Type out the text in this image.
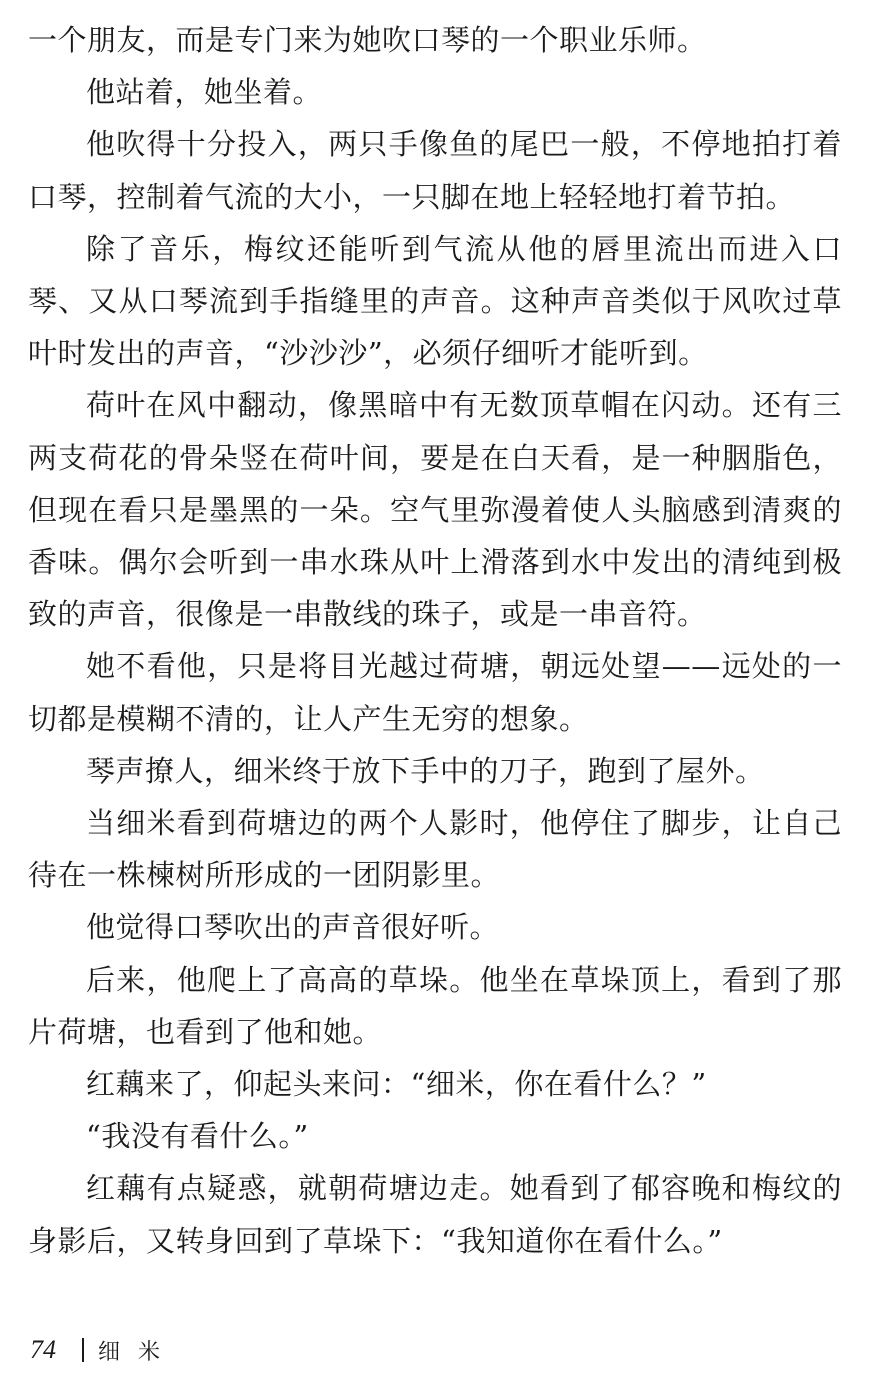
一个朋友，而是专门来为她吹口琴的一个职业乐师。

他站着，她坐着。

他吹得十分投入，两只手像鱼的尾巴一般，不停地拍打着口琴，控制着气流的大小，一只脚在地上轻轻地打着节拍。

除了音乐，梅纹还能听到气流从他的唇里流出而进入口琴、又从口琴流到手指缝里的声音。这种声音类似于风吹过草叶时发出的声音，“沙沙沙”，必须仔细听才能听到。

荷叶在风中翻动，像黑暗中有无数顶草帽在闪动。还有三两支荷花的骨朵竖在荷叶间，要是在白天看，是一种胭脂色，但现在看只是墨黑的一朵。空气里弥漫着使人头脑感到清爽的香味。偶尔会听到一串水珠从叶上滑落到水中发出的清纯到极致的声音，很像是一串散线的珠子，或是一串音符。

她不看他，只是将目光越过荷塘，朝远处望——远处的一切都是模糊不清的，让人产生无穷的想象。

琴声撩人，细米终于放下手中的刀子，跑到了屋外。

当细米看到荷塘边的两个人影时，他停住了脚步，让自己待在一株楝树所形成的一团阴影里。

他觉得口琴吹出的声音很好听。

后来，他爬上了高高的草垛。他坐在草垛顶上，看到了那片荷塘，也看到了他和她。

红藕来了，仰起头来问：“细米，你在看什么？”

“我没有看什么。”

红藕有点疑惑，就朝荷塘边走。她看到了郁容晚和梅纹的身影后，又转身回到了草垛下：“我知道你在看什么。”

74 细米
